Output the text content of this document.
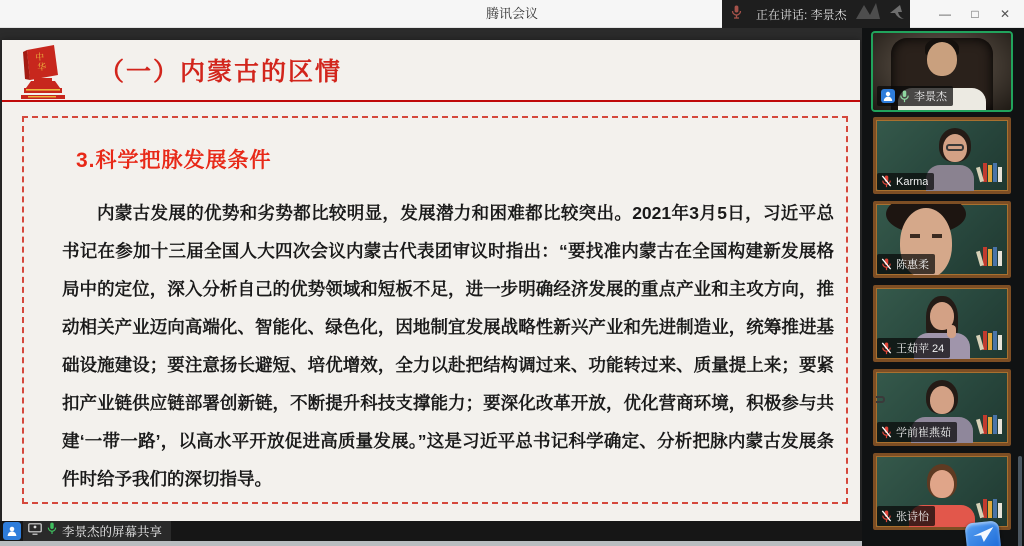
腾讯会议	正在讲话: 李景杰	—	□	✕
中
华 （一）内蒙古的区情
3.科学把脉发展条件

内蒙古发展的优势和劣势都比较明显，发展潜力和困难都比较突出。2021年3月5日，习近平总书记在参加十三届全国人大四次会议内蒙古代表团审议时指出：“要找准内蒙古在全国构建新发展格局中的定位，深入分析自己的优势领域和短板不足，进一步明确经济发展的重点产业和主攻方向，推动相关产业迈向高端化、智能化、绿色化，因地制宜发展战略性新兴产业和先进制造业，统筹推进基础设施建设；要注意扬长避短、培优增效，全力以赴把结构调过来、功能转过来、质量提上来；要紧扣产业链供应链部署创新链，不断提升科技支撑能力；要深化改革开放，优化营商环境，积极参与共建‘一带一路’，以高水平开放促进高质量发展。”这是习近平总书记科学确定、分析把脉内蒙古发展条件时给予我们的深切指导。

李景杰
Karma
陈惠柔
王茹苹 24
学前崔燕茹
张诗怡
李景杰的屏幕共享
